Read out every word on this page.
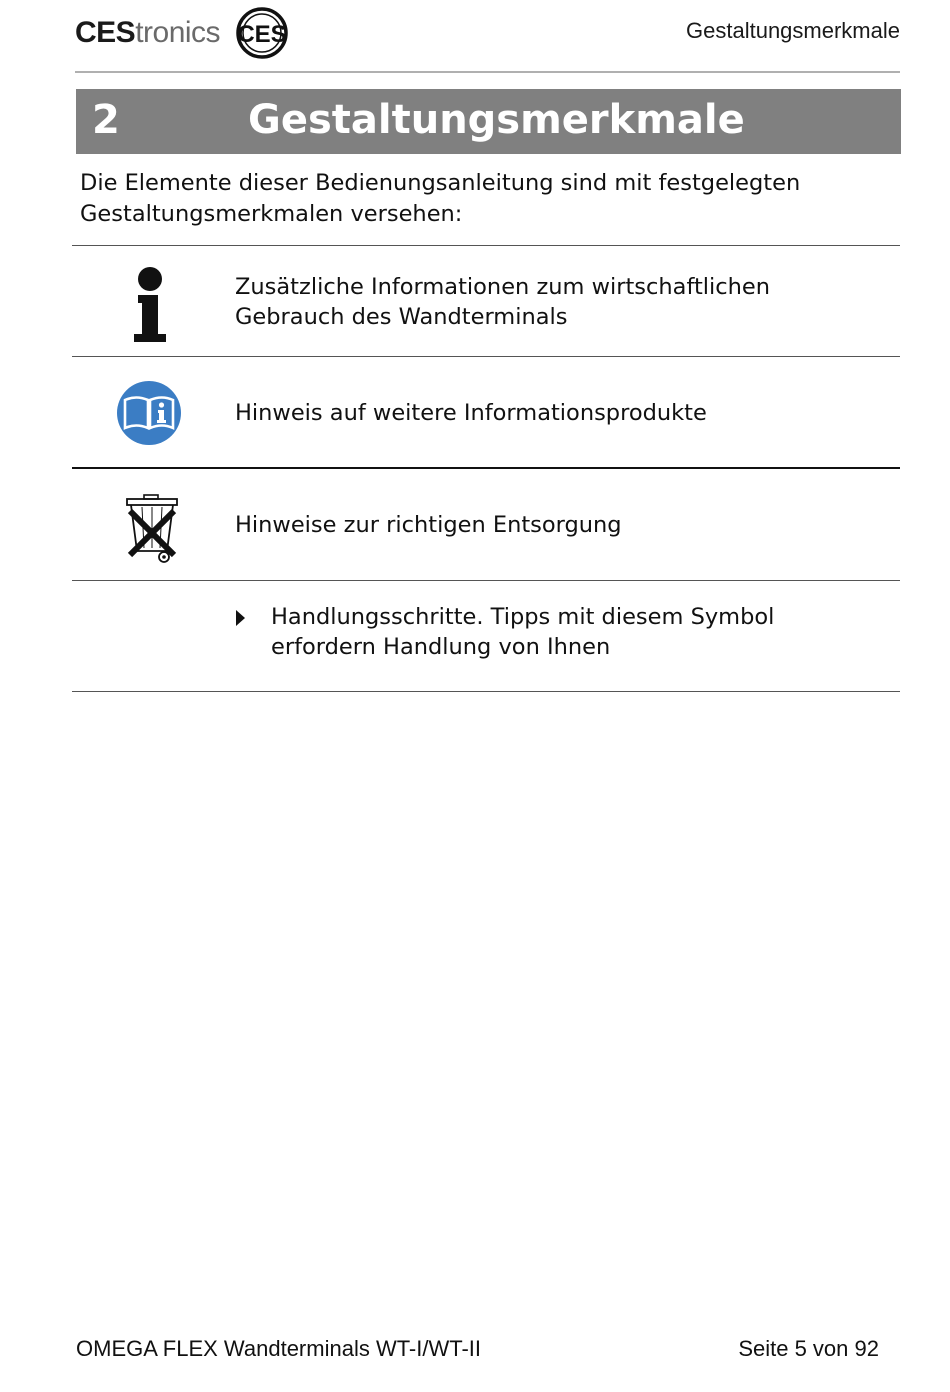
CEStronics CES	Gestaltungsmerkmale
2	Gestaltungsmerkmale
Die Elemente dieser Bedienungsanleitung sind mit festgelegten Gestaltungsmerkmalen versehen:
Zusätzliche Informationen zum wirtschaftlichen
Gebrauch des Wandterminals
Hinweis auf weitere Informationsprodukte
Hinweise zur richtigen Entsorgung
Handlungsschritte. Tipps mit diesem Symbol
erfordern Handlung von Ihnen
OMEGA FLEX Wandterminals WT-I/WT-II	Seite 5 von 92
